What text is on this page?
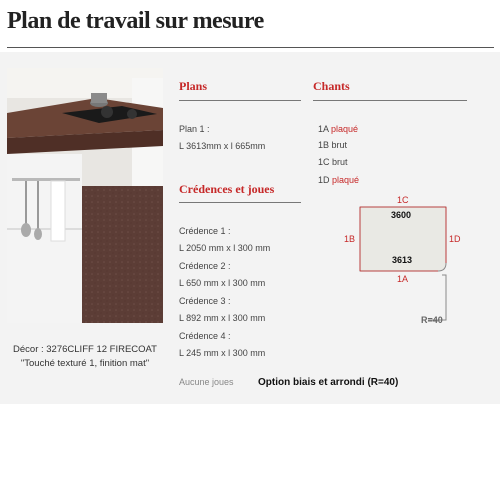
Plan de travail sur mesure
Décor : 3276CLIFF 12 FIRECOAT "Touché texturé 1, finition mat"
Plans
Plan 1 :
L 3613mm x l 665mm
Chants
1A plaqué
1B brut
1C brut
1D plaqué
Crédences et joues
Crédence 1 :
L 2050 mm x l 300 mm
Crédence 2 :
L 650 mm x l 300 mm
Crédence 3 :
L 892 mm x l 300 mm
Crédence 4 :
L 245 mm x l 300 mm
Aucune joues
1C
1B	1D
1A
3600
3613
R=40
Option biais et arrondi (R=40)
